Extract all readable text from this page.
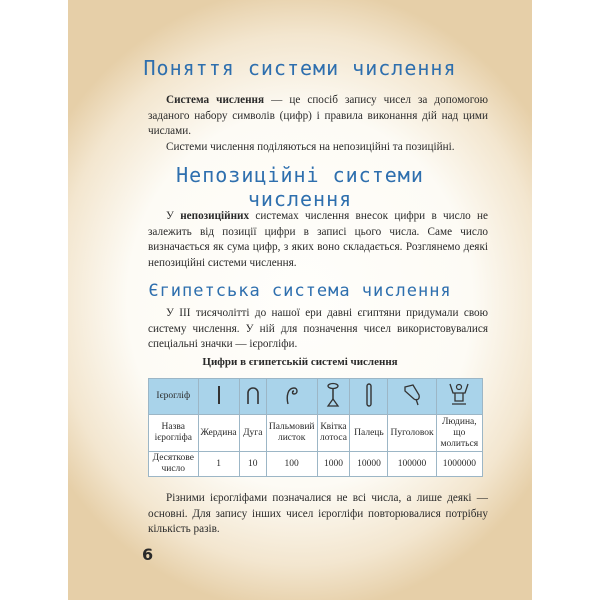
Поняття системи числення

Система числення — це спосіб запису чисел за допомогою заданого набору символів (цифр) і правила виконання дій над цими числами.

Системи числення поділяються на непозиційні та позиційні.

Непозиційні системи
числення

У непозиційних системах числення внесок цифри в число не залежить від позиції цифри в записі цього числа. Саме число визначається як сума цифр, з яких воно складається. Розглянемо деякі непозиційні системи числення.

Єгипетська система числення

У III тисячолітті до нашої ери давні єгиптяни придумали свою систему числення. У ній для позначення чисел використовувалися спеціальні значки — ієрогліфи.

Цифри в єгипетській системі числення
Ієрогліф							
Назва ієрогліфа	Жердина	Дуга	Пальмовий листок	Квітка лотоса	Палець	Пуголовок	Людина, що молиться
Десяткове число	1	10	100	1000	10000	100000	1000000

Різними ієрогліфами позначалися не всі числа, а лише деякі — основні. Для запису інших чисел ієрогліфи повторювалися потрібну кількість разів.

6
